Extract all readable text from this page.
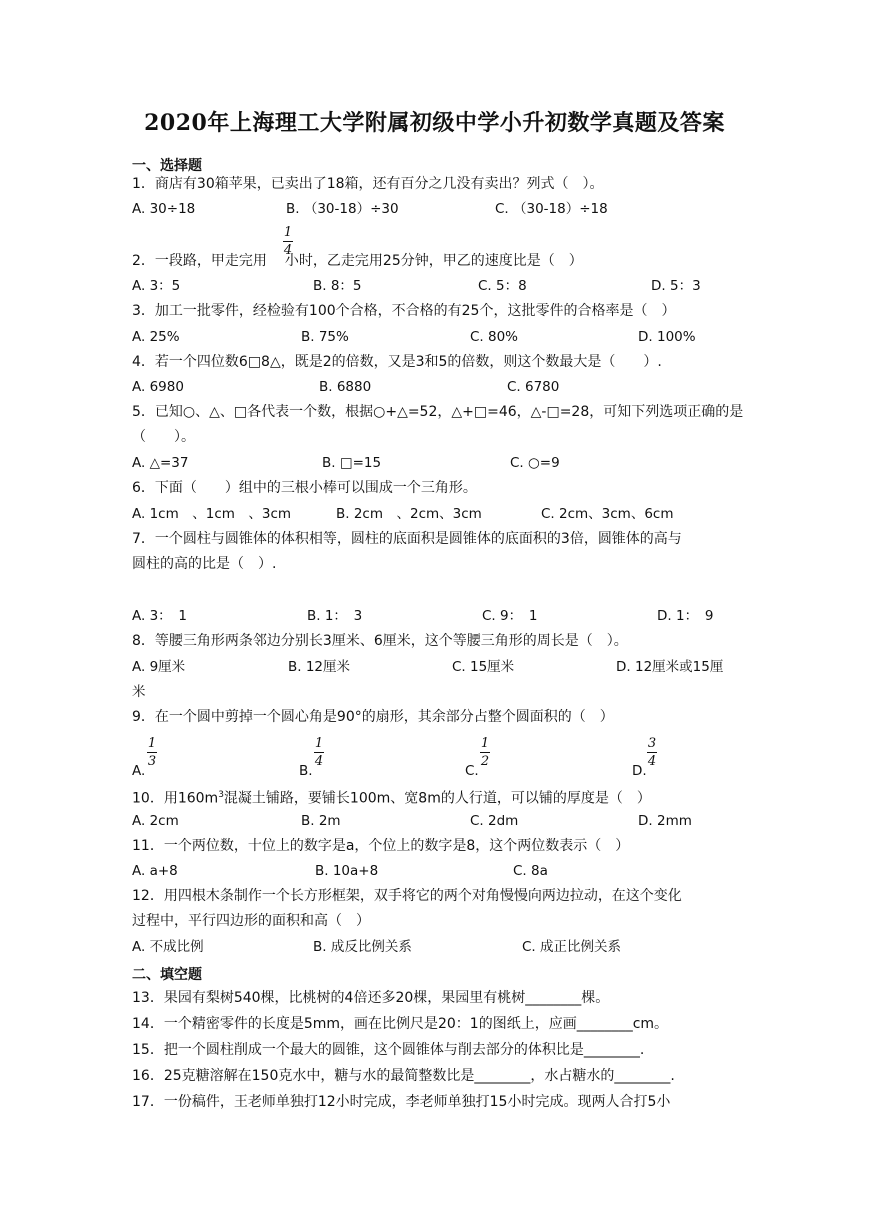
2020年上海理工大学附属初级中学小升初数学真题及答案
一、选择题
1．商店有30箱苹果，已卖出了18箱，还有百分之几没有卖出？列式（　）。
A. 30÷18	B. （30-18）÷30	C. （30-18）÷18
2．一段路，甲走完用 小时，乙走完用25分钟，甲乙的速度比是（　）
1
4
A. 3：5	B. 8：5	C. 5：8	D. 5：3
3．加工一批零件，经检验有100个合格，不合格的有25个，这批零件的合格率是（　）
A. 25%	B. 75%	C. 80%	D. 100%
4．若一个四位数6□8△，既是2的倍数，又是3和5的倍数，则这个数最大是（　　）.
A. 6980	B. 6880	C. 6780
5．已知○、△、□各代表一个数，根据○+△=52，△+□=46，△-□=28，可知下列选项正确的是
（　　）。
A. △=37	B. □=15	C. ○=9
6．下面（　　）组中的三根小棒可以围成一个三角形。
A. 1cm　、1cm　、3cm	B. 2cm　、2cm、3cm	C. 2cm、3cm、6cm
7．一个圆柱与圆锥体的体积相等，圆柱的底面积是圆锥体的底面积的3倍，圆锥体的高与
圆柱的高的比是（　）.
A. 3：　1	B. 1：　3	C. 9：　1	D. 1：　9
8．等腰三角形两条邻边分别长3厘米、6厘米，这个等腰三角形的周长是（　）。
A. 9厘米	B. 12厘米	C. 15厘米	D. 12厘米或15厘
米
9．在一个圆中剪掉一个圆心角是90°的扇形，其余部分占整个圆面积的（　）
A.
1
3
B.
1
4
C.
1
2
D.
3
4
10．用$160m^3$混凝土铺路，要铺长100m、宽8m的人行道，可以铺的厚度是（　）
A. 2cm	B. 2m	C. 2dm	D. 2mm
11．一个两位数，十位上的数字是a，个位上的数字是8，这个两位数表示（　）
A. a+8	B. 10a+8	C. 8a
12．用四根木条制作一个长方形框架，双手将它的两个对角慢慢向两边拉动，在这个变化
过程中，平行四边形的面积和高（　）
A. 不成比例	B. 成反比例关系	C. 成正比例关系
二、填空题
13．果园有梨树540棵，比桃树的4倍还多20棵，果园里有桃树________棵。
14．一个精密零件的长度是5mm，画在比例尺是20：1的图纸上，应画________cm。
15．把一个圆柱削成一个最大的圆锥，这个圆锥体与削去部分的体积比是________.
16．25克糖溶解在150克水中，糖与水的最简整数比是________，水占糖水的________.
17．一份稿件，王老师单独打12小时完成，李老师单独打15小时完成。现两人合打5小
